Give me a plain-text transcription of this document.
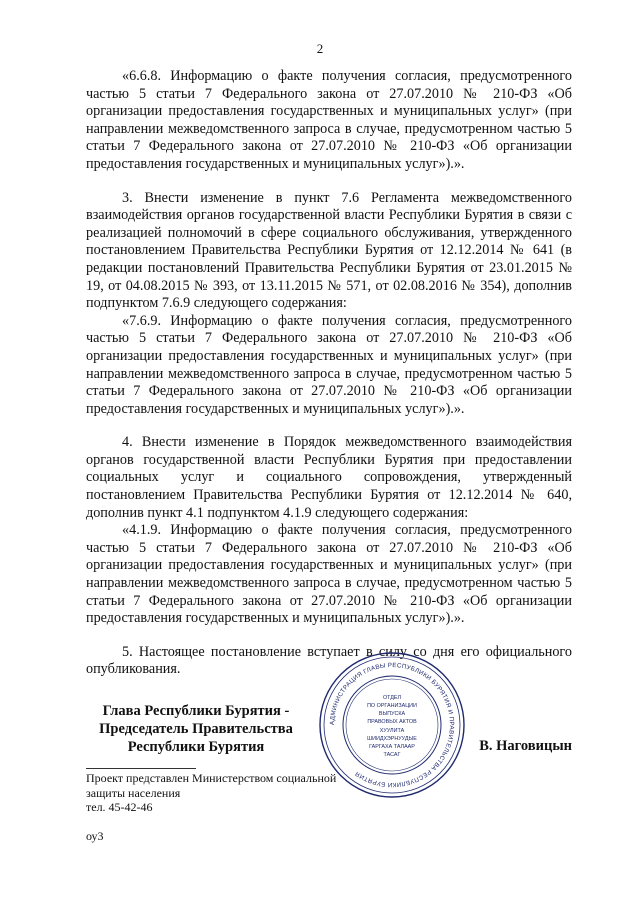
2

«6.6.8. Информацию о факте получения согласия, предусмотренного частью 5 статьи 7 Федерального закона от 27.07.2010 № 210-ФЗ «Об организации предоставления государственных и муниципальных услуг» (при направлении межведомственного запроса в случае, предусмотренном частью 5 статьи 7 Федерального закона от 27.07.2010 № 210-ФЗ «Об организации предоставления государственных и муниципальных услуг»).».

3. Внести изменение в пункт 7.6 Регламента межведомственного взаимодействия органов государственной власти Республики Бурятия в связи с реализацией полномочий в сфере социального обслуживания, утвержденного постановлением Правительства Республики Бурятия от 12.12.2014 № 641 (в редакции постановлений Правительства Республики Бурятия от 23.01.2015 № 19, от 04.08.2015 № 393, от 13.11.2015 № 571, от 02.08.2016 № 354), дополнив подпунктом 7.6.9 следующего содержания:

«7.6.9. Информацию о факте получения согласия, предусмотренного частью 5 статьи 7 Федерального закона от 27.07.2010 № 210-ФЗ «Об организации предоставления государственных и муниципальных услуг» (при направлении межведомственного запроса в случае, предусмотренном частью 5 статьи 7 Федерального закона от 27.07.2010 № 210-ФЗ «Об организации предоставления государственных и муниципальных услуг»).».

4. Внести изменение в Порядок межведомственного взаимодействия органов государственной власти Республики Бурятия при предоставлении социальных услуг и социального сопровождения, утвержденный постановлением Правительства Республики Бурятия от 12.12.2014 № 640, дополнив пункт 4.1 подпунктом 4.1.9 следующего содержания:

«4.1.9. Информацию о факте получения согласия, предусмотренного частью 5 статьи 7 Федерального закона от 27.07.2010 № 210-ФЗ «Об организации предоставления государственных и муниципальных услуг» (при направлении межведомственного запроса в случае, предусмотренном частью 5 статьи 7 Федерального закона от 27.07.2010 № 210-ФЗ «Об организации предоставления государственных и муниципальных услуг»).».

5. Настоящее постановление вступает в силу со дня его официального опубликования.

АДМИНИСТРАЦИЯ ГЛАВЫ РЕСПУБЛИКИ БУРЯТИЯ И ПРАВИТЕЛЬСТВА РЕСПУБЛИКИ БУРЯТИЯ
ОТДЕЛ
ПО ОРГАНИЗАЦИИ
ВЫПУСКА
ПРАВОВЫХ АКТОВ
ХУУЛИТА
ШИИДХЭРНУУДЫЕ
ГАРГАХА ТАЛААР
ТАСАГ
Глава Республики Бурятия -
Председатель Правительства
Республики Бурятия	В. Наговицын
Проект представлен Министерством социальной
защиты населения
тел. 45-42-46
оу3
